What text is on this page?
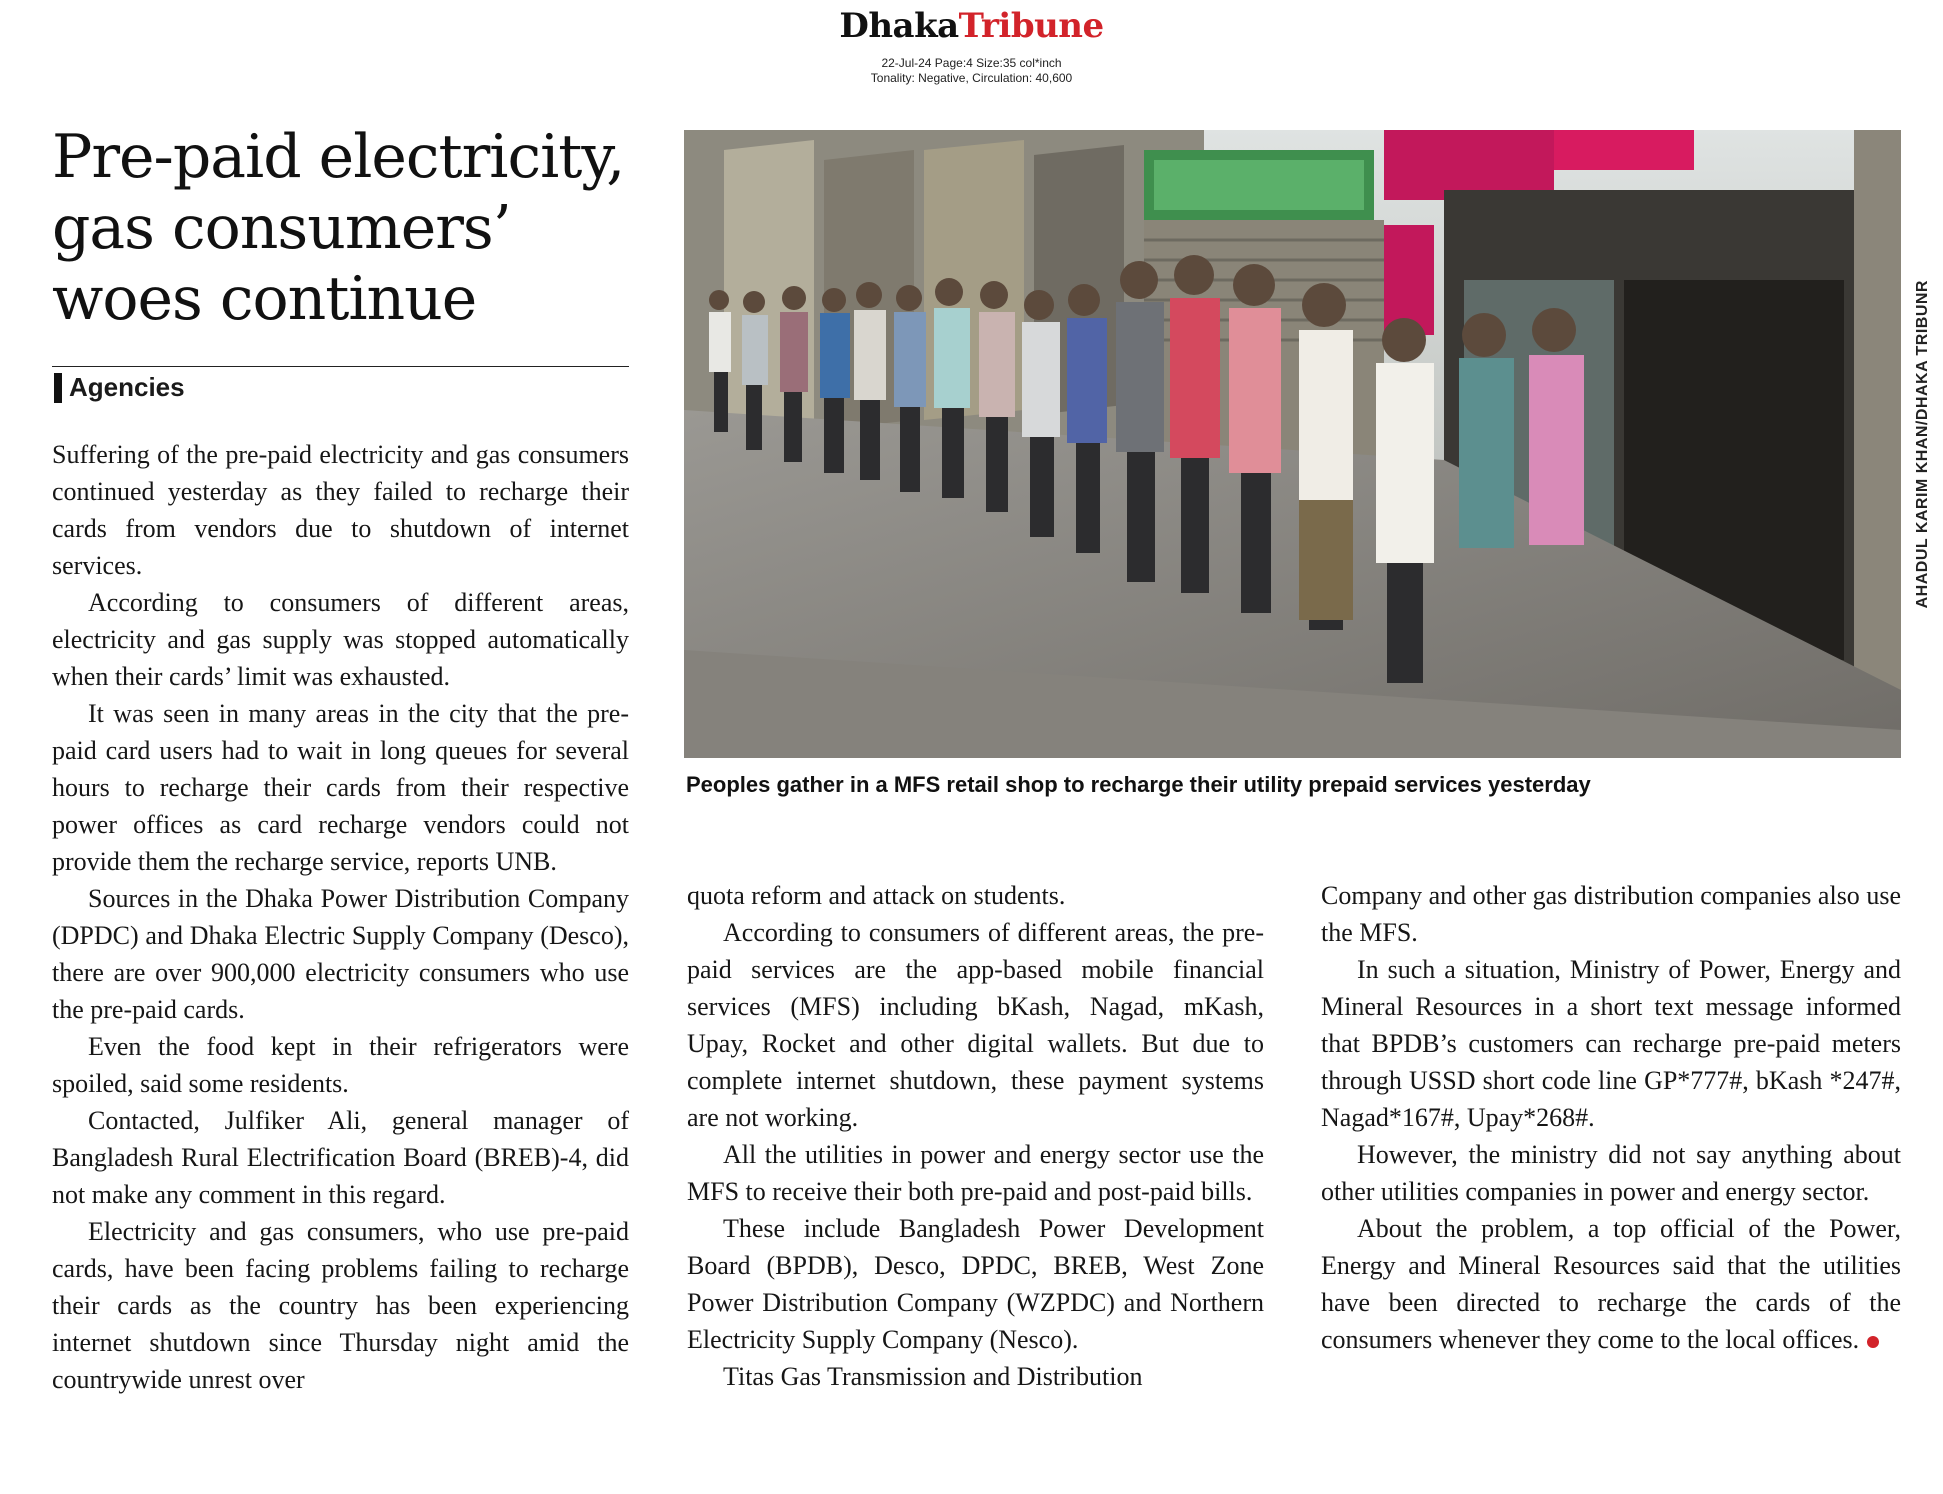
DhakaTribune
22-Jul-24 Page:4 Size:35 col*inch
Tonality: Negative, Circulation: 40,600
Pre-paid electricity,
gas consumers’
woes continue
Agencies

Suffering of the pre-paid electricity and gas consumers continued yesterday as they failed to recharge their cards from vendors due to shutdown of internet services.

According to consumers of different areas, electricity and gas supply was stopped automatically when their cards’ limit was exhausted.

It was seen in many areas in the city that the pre-paid card users had to wait in long queues for several hours to recharge their cards from their respective power offices as card recharge vendors could not provide them the recharge service, reports UNB.

Sources in the Dhaka Power Distribution Company (DPDC) and Dhaka Electric Supply Company (Desco), there are over 900,000 electricity consumers who use the pre-paid cards.

Even the food kept in their refrigerators were spoiled, said some residents.

Contacted, Julfiker Ali, general manager of Bangladesh Rural Electrification Board (BREB)-4, did not make any comment in this regard.

Electricity and gas consumers, who use pre-paid cards, have been facing problems failing to recharge their cards as the country has been experiencing internet shutdown since Thursday night amid the countrywide unrest over

AHADUL KARIM KHAN/DHAKA TRIBUNR
Peoples gather in a MFS retail shop to recharge their utility prepaid services yesterday

quota reform and attack on students.

According to consumers of different areas, the pre-paid services are the app-based mobile financial services (MFS) including bKash, Nagad, mKash, Upay, Rocket and other digital wallets. But due to complete internet shutdown, these payment systems are not working.

All the utilities in power and energy sector use the MFS to receive their both pre-paid and post-paid bills.

These include Bangladesh Power Development Board (BPDB), Desco, DPDC, BREB, West Zone Power Distribution Company (WZPDC) and Northern Electricity Supply Company (Nesco).

Titas Gas Transmission and Distribution

Company and other gas distribution companies also use the MFS.

In such a situation, Ministry of Power, Energy and Mineral Resources in a short text message informed that BPDB’s customers can recharge pre-paid meters through USSD short code line GP*777#, bKash *247#, Nagad*167#, Upay*268#.

However, the ministry did not say anything about other utilities companies in power and energy sector.

About the problem, a top official of the Power, Energy and Mineral Resources said that the utilities have been directed to recharge the cards of the consumers whenever they come to the local offices.
